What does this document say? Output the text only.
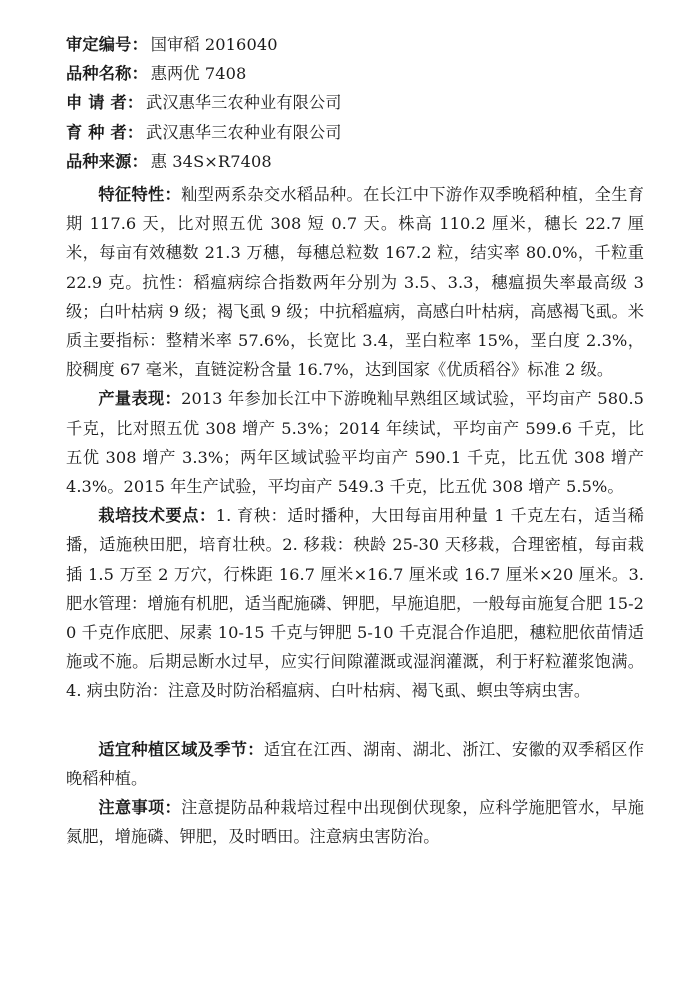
审定编号 ： 国审稻 2016040
品种名称 ： 惠两优 7408
申 请 者 ： 武汉惠华三农种业有限公司
育 种 者 ： 武汉惠华三农种业有限公司
品种来源 ： 惠 34S×R7408

特征特性：籼型两系杂交水稻品种。在长江中下游作双季晚稻种植，全生育期 117.6 天，比对照五优 308 短 0.7 天。株高 110.2 厘米，穗长 22.7 厘米，每亩有效穗数 21.3 万穗，每穗总粒数 167.2 粒，结实率 80.0%，千粒重 22.9 克。抗性：稻瘟病综合指数两年分别为 3.5、3.3，穗瘟损失率最高级 3 级；白叶枯病 9 级；褐飞虱 9 级；中抗稻瘟病，高感白叶枯病，高感褐飞虱。米质主要指标：整精米率 57.6%，长宽比 3.4，垩白粒率 15%，垩白度 2.3%，胶稠度 67 毫米，直链淀粉含量 16.7%，达到国家《优质稻谷》标准 2 级。

产量表现：2013 年参加长江中下游晚籼早熟组区域试验，平均亩产 580.5 千克，比对照五优 308 增产 5.3%；2014 年续试，平均亩产 599.6 千克，比五优 308 增产 3.3%；两年区域试验平均亩产 590.1 千克，比五优 308 增产 4.3%。2015 年生产试验，平均亩产 549.3 千克，比五优 308 增产 5.5%。

栽培技术要点：1. 育秧：适时播种，大田每亩用种量 1 千克左右，适当稀播，适施秧田肥，培育壮秧。2. 移栽：秧龄 25-30 天移栽，合理密植，每亩栽插 1.5 万至 2 万穴，行株距 16.7 厘米×16.7 厘米或 16.7 厘米×20 厘米。3. 肥水管理：增施有机肥，适当配施磷、钾肥，早施追肥，一般每亩施复合肥 15-20 千克作底肥、尿素 10-15 千克与钾肥 5-10 千克混合作追肥，穗粒肥依苗情适施或不施。后期忌断水过早，应实行间隙灌溉或湿润灌溉，利于籽粒灌浆饱满。4. 病虫防治：注意及时防治稻瘟病、白叶枯病、褐飞虱、螟虫等病虫害。

适宜种植区域及季节：适宜在江西、湖南、湖北、浙江、安徽的双季稻区作晚稻种植。

注意事项：注意提防品种栽培过程中出现倒伏现象，应科学施肥管水，早施氮肥，增施磷、钾肥，及时晒田。注意病虫害防治。
